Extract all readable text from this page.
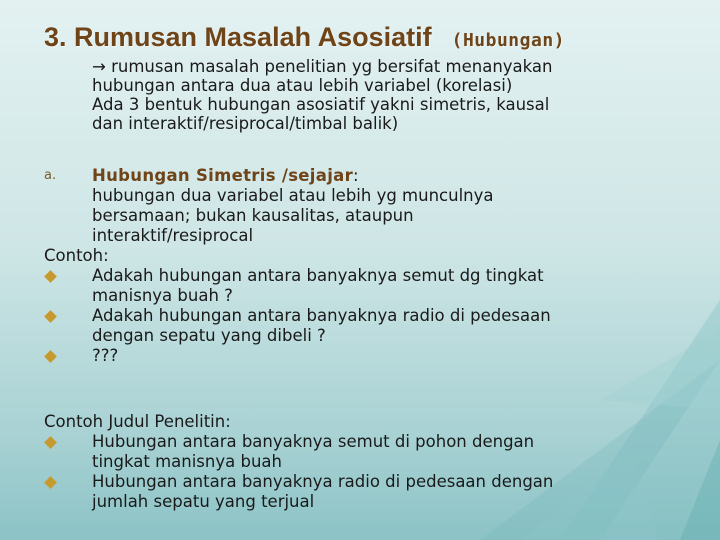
3. Rumusan Masalah Asosiatif (Hubungan)
→ rumusan masalah penelitian yg bersifat menanyakan
hubungan antara dua atau lebih variabel (korelasi)
Ada 3 bentuk hubungan asosiatif yakni simetris, kausal
dan interaktif/resiprocal/timbal balik)
a. Hubungan Simetris /sejajar:
hubungan dua variabel atau lebih yg munculnya
bersamaan; bukan kausalitas, ataupun
interaktif/resiprocal
Contoh:
Adakah hubungan antara banyaknya semut dg tingkat
manisnya buah ?
Adakah hubungan antara banyaknya radio di pedesaan
dengan sepatu yang dibeli ?
???
Contoh Judul Penelitin:
Hubungan antara banyaknya semut di pohon dengan
tingkat manisnya buah
Hubungan antara banyaknya radio di pedesaan dengan
jumlah sepatu yang terjual
